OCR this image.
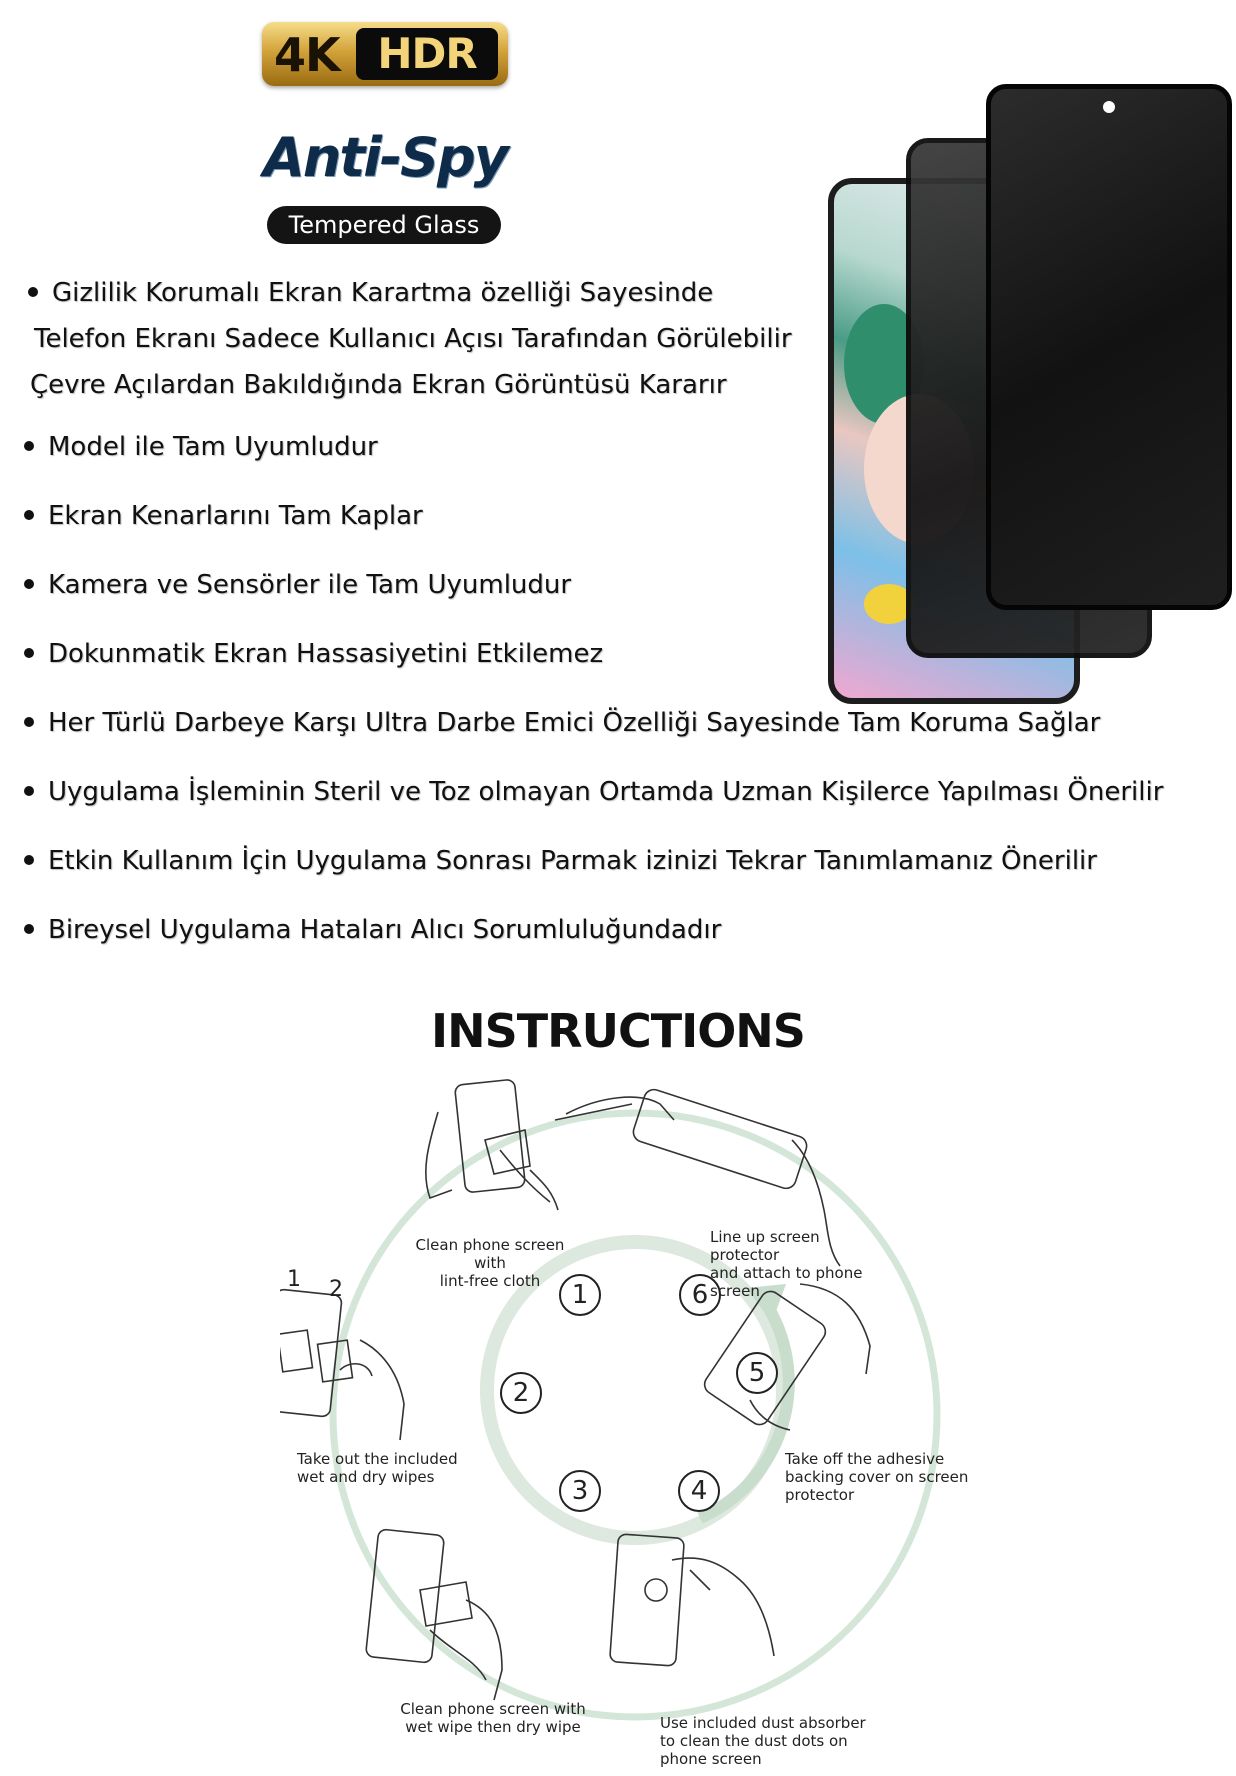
4K HDR
Anti-Spy
Tempered Glass

Gizlilik Korumalı Ekran Karartma özelliği Sayesinde

Telefon Ekranı Sadece Kullanıcı Açısı Tarafından Görülebilir

Çevre Açılardan Bakıldığında Ekran Görüntüsü Kararır

Model ile Tam Uyumludur

Ekran Kenarlarını Tam Kaplar

Kamera ve Sensörler ile Tam Uyumludur

Dokunmatik Ekran Hassasiyetini Etkilemez

Her Türlü Darbeye Karşı Ultra Darbe Emici Özelliği Sayesinde Tam Koruma Sağlar

Uygulama İşleminin Steril ve Toz olmayan Ortamda Uzman Kişilerce Yapılması Önerilir

Etkin Kullanım İçin Uygulama Sonrası Parmak izinizi Tekrar Tanımlamanız Önerilir

Bireysel Uygulama Hataları Alıcı Sorumluluğundadır

INSTRUCTIONS
1 2	1	6
2
5
3	4
Clean phone screen with
lint-free cloth
Line up screen protector
and attach to phone
screen
Take out the included
wet and dry wipes
Take off the adhesive
backing cover on screen
protector
Clean phone screen with
wet wipe then dry wipe	Use included dust absorber
to clean the dust dots on
phone screen
